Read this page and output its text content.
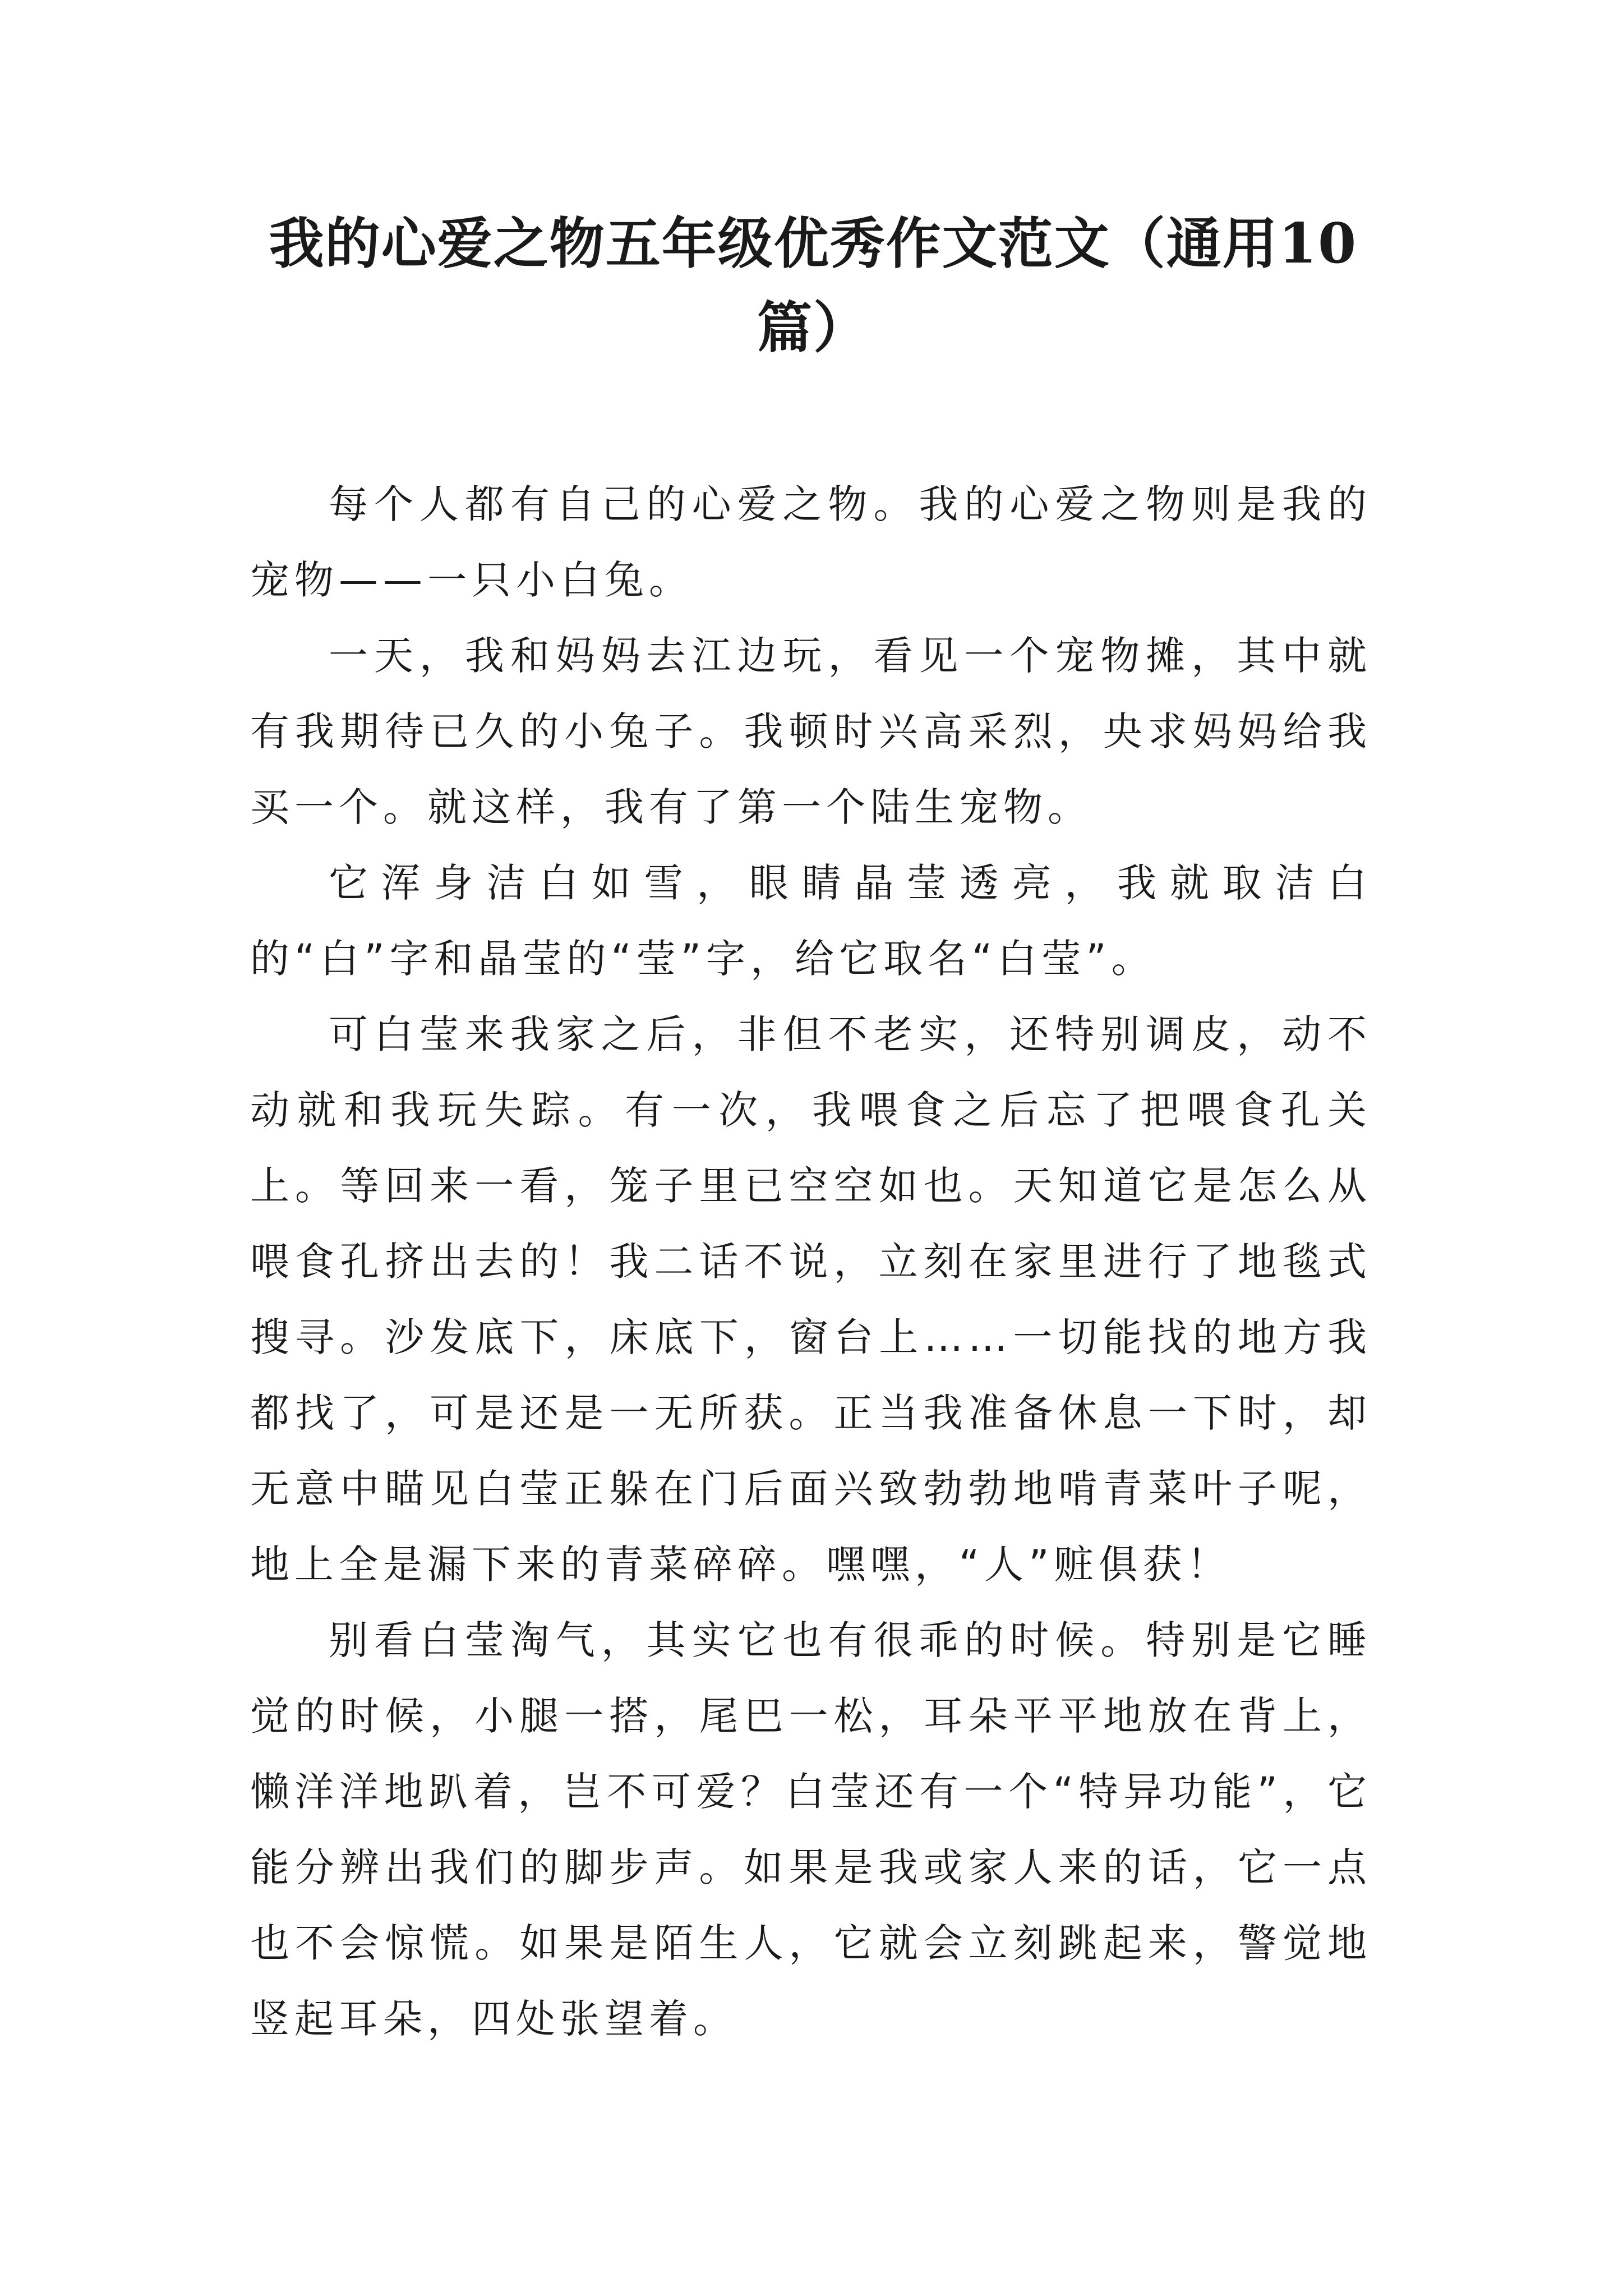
我的心爱之物五年级优秀作文范文（通用10篇）

每个人都有自己的心爱之物。我的心爱之物则是我的宠物——一只小白兔。

一天，我和妈妈去江边玩，看见一个宠物摊，其中就有我期待已久的小兔子。我顿时兴高采烈，央求妈妈给我买一个。就这样，我有了第一个陆生宠物。

它浑身洁白如雪，眼睛晶莹透亮，我就取洁白的“白”字和晶莹的“莹”字，给它取名“白莹”。

可白莹来我家之后，非但不老实，还特别调皮，动不动就和我玩失踪。有一次，我喂食之后忘了把喂食孔关上。等回来一看，笼子里已空空如也。天知道它是怎么从喂食孔挤出去的！我二话不说，立刻在家里进行了地毯式搜寻。沙发底下，床底下，窗台上……一切能找的地方我都找了，可是还是一无所获。正当我准备休息一下时，却无意中瞄见白莹正躲在门后面兴致勃勃地啃青菜叶子呢，地上全是漏下来的青菜碎碎。嘿嘿，“人”赃俱获！

别看白莹淘气，其实它也有很乖的时候。特别是它睡觉的时候，小腿一搭，尾巴一松，耳朵平平地放在背上，懒洋洋地趴着，岂不可爱？白莹还有一个“特异功能”，它能分辨出我们的脚步声。如果是我或家人来的话，它一点也不会惊慌。如果是陌生人，它就会立刻跳起来，警觉地竖起耳朵，四处张望着。
